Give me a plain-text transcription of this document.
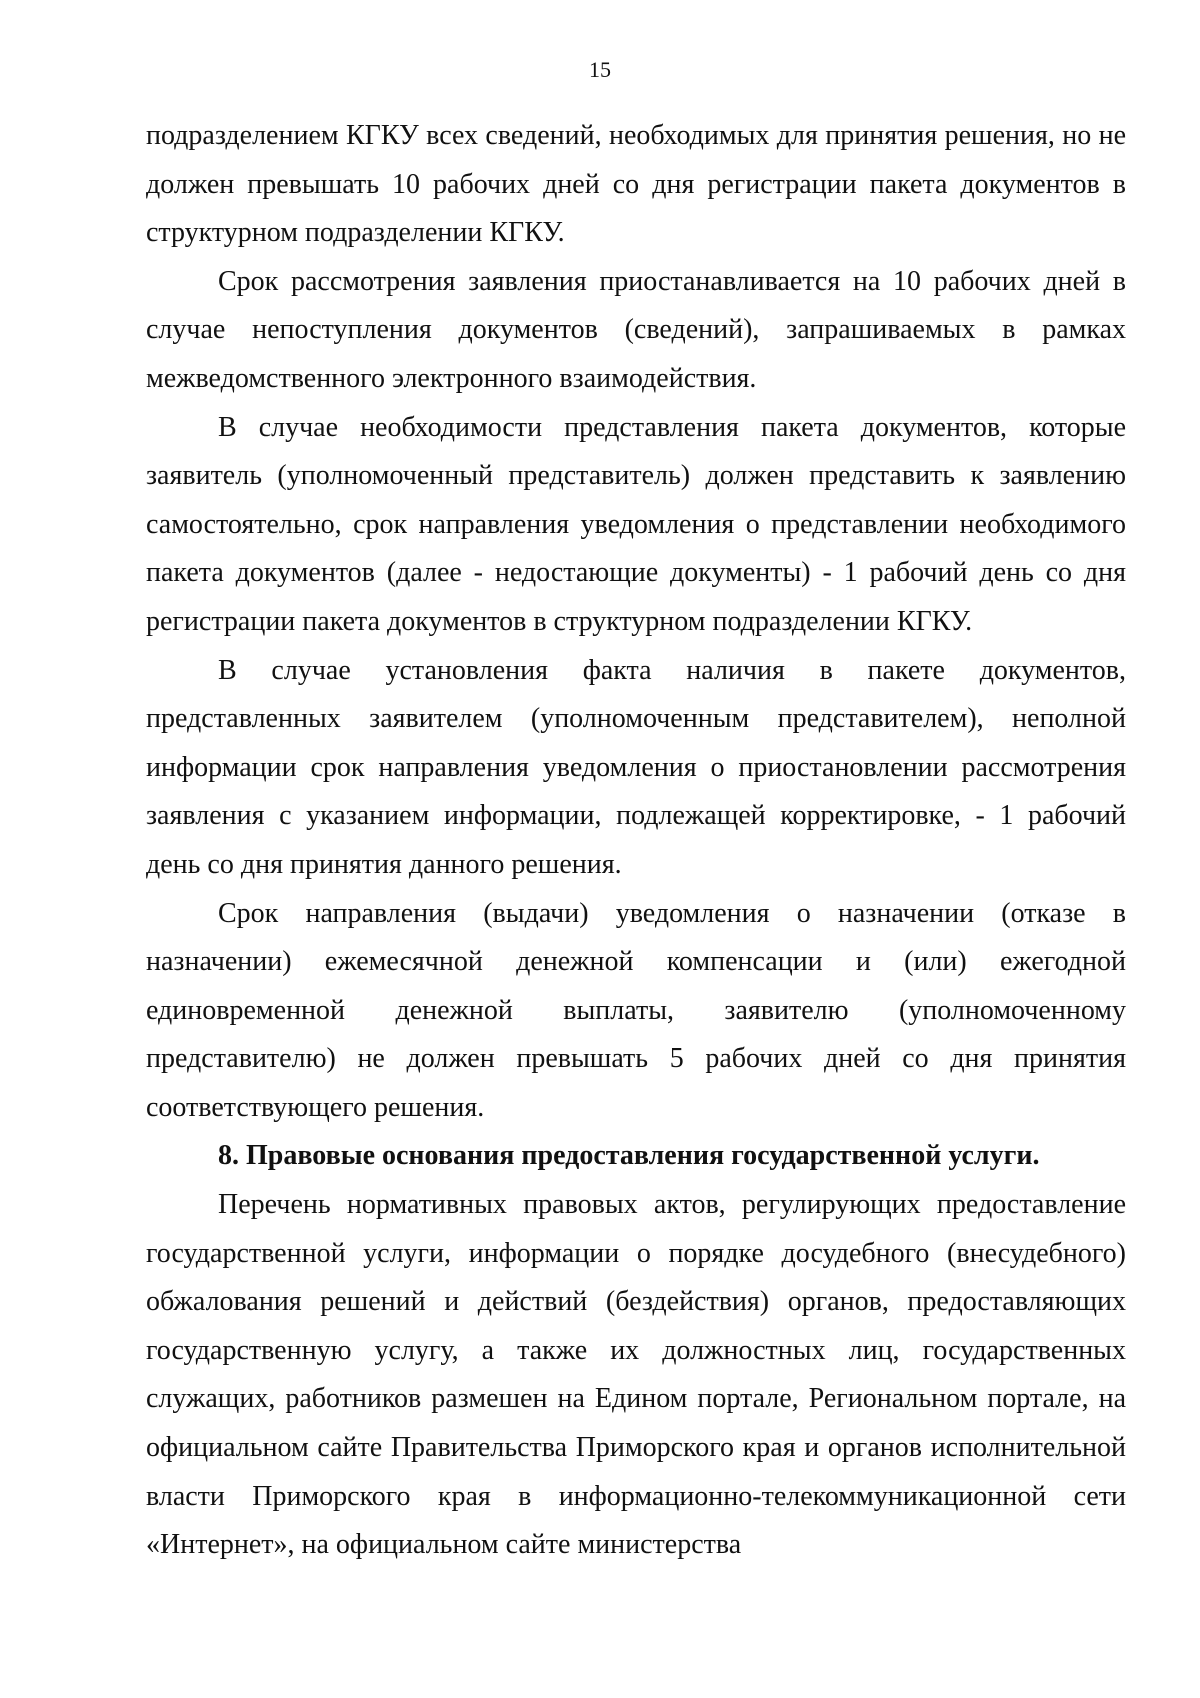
15

подразделением КГКУ всех сведений, необходимых для принятия решения, но не должен превышать 10 рабочих дней со дня регистрации пакета документов в структурном подразделении КГКУ.

Срок рассмотрения заявления приостанавливается на 10 рабочих дней в случае непоступления документов (сведений), запрашиваемых в рамках межведомственного электронного взаимодействия.

В случае необходимости представления пакета документов, которые заявитель (уполномоченный представитель) должен представить к заявлению самостоятельно, срок направления уведомления о представлении необходимого пакета документов (далее - недостающие документы) - 1 рабочий день со дня регистрации пакета документов в структурном подразделении КГКУ.

В случае установления факта наличия в пакете документов, представленных заявителем (уполномоченным представителем), неполной информации срок направления уведомления о приостановлении рассмотрения заявления с указанием информации, подлежащей корректировке, - 1 рабочий день со дня принятия данного решения.

Срок направления (выдачи) уведомления о назначении (отказе в назначении) ежемесячной денежной компенсации и (или) ежегодной единовременной денежной выплаты, заявителю (уполномоченному представителю) не должен превышать 5 рабочих дней со дня принятия соответствующего решения.

8. Правовые основания предоставления государственной услуги.

Перечень нормативных правовых актов, регулирующих предоставление государственной услуги, информации о порядке досудебного (внесудебного) обжалования решений и действий (бездействия) органов, предоставляющих государственную услугу, а также их должностных лиц, государственных служащих, работников размешен на Едином портале, Региональном портале, на официальном сайте Правительства Приморского края и органов исполнительной власти Приморского края в информационно-телекоммуникационной сети «Интернет», на официальном сайте министерства
